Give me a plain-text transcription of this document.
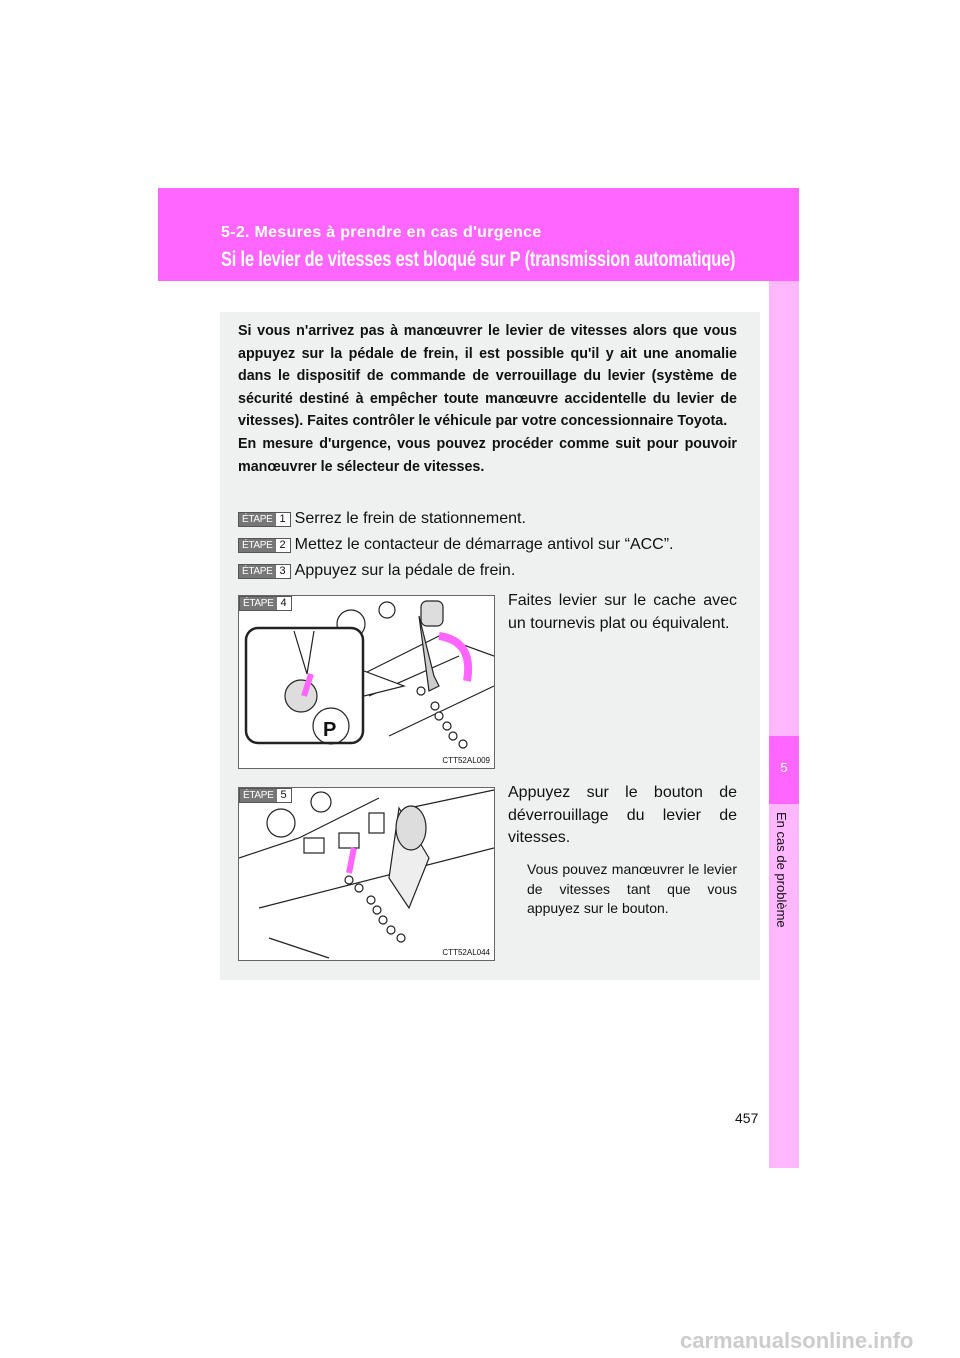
5-2. Mesures à prendre en cas d'urgence
Si le levier de vitesses est bloqué sur P (transmission automatique)
5
En cas de problème
Si vous n'arrivez pas à manœuvrer le levier de vitesses alors que vous appuyez sur la pédale de frein, il est possible qu'il y ait une anomalie dans le dispositif de commande de verrouillage du levier (système de sécurité destiné à empêcher toute manœuvre accidentelle du levier de vitesses). Faites contrôler le véhicule par votre concessionnaire Toyota.
En mesure d'urgence, vous pouvez procéder comme suit pour pouvoir manœuvrer le sélecteur de vitesses.
ÉTAPE 1 Serrez le frein de stationnement.
ÉTAPE 2 Mettez le contacteur de démarrage antivol sur “ACC”.
ÉTAPE 3 Appuyez sur la pédale de frein.
P
ÉTAPE 4
CTT52AL009
Faites levier sur le cache avec un tournevis plat ou équivalent.
ÉTAPE 5
CTT52AL044
Appuyez sur le bouton de déverrouillage du levier de vitesses.
Vous pouvez manœuvrer le levier de vitesses tant que vous appuyez sur le bouton.
457
carmanualsonline.info
